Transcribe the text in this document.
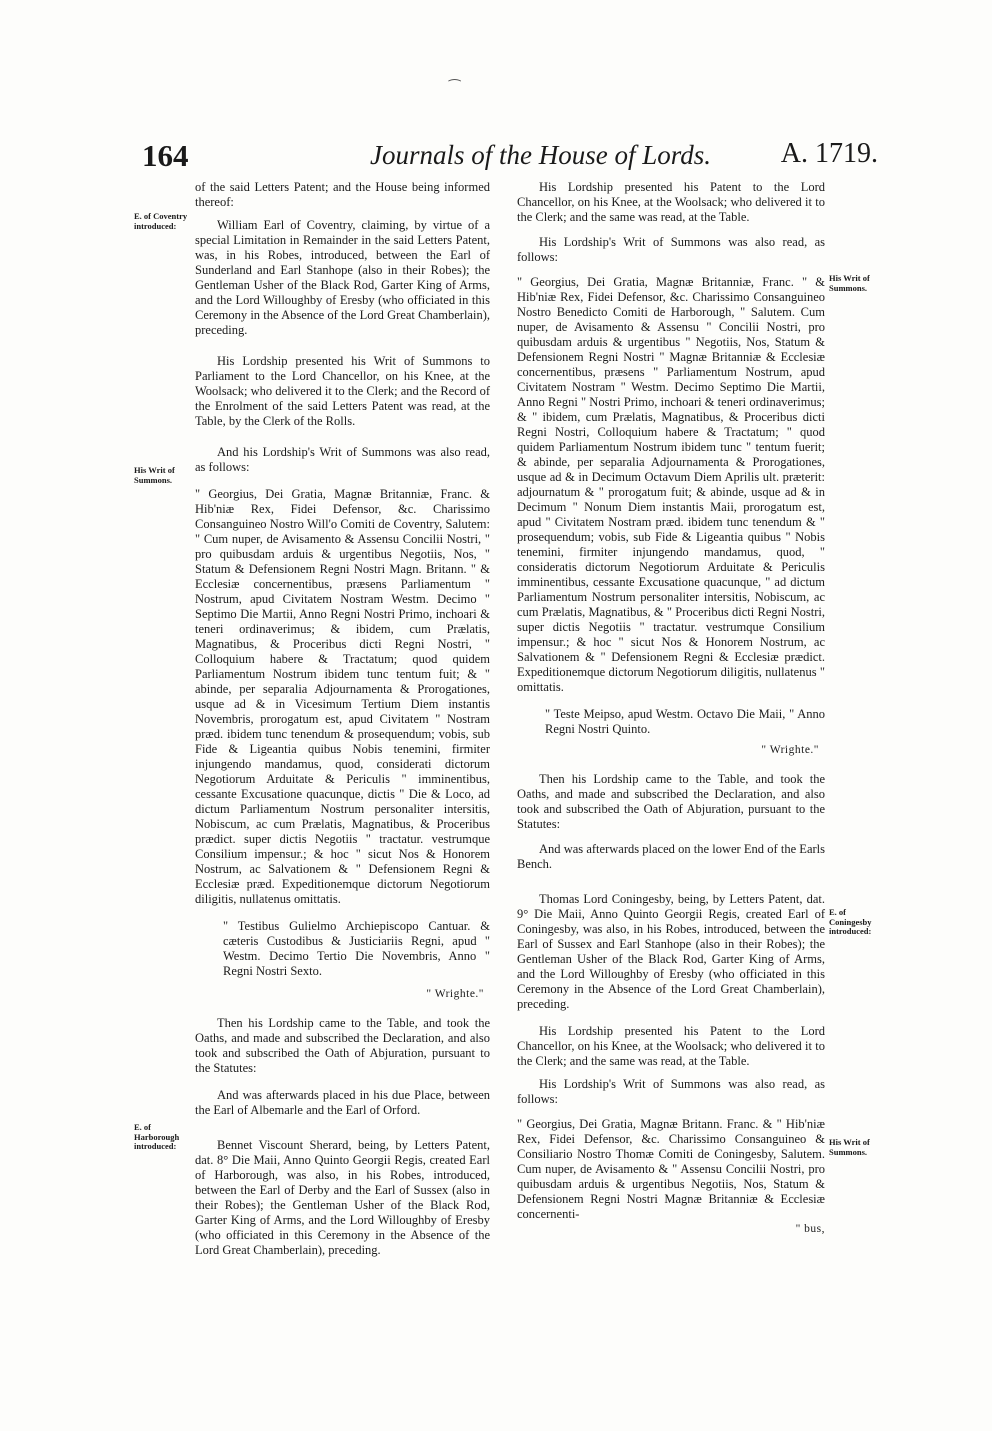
164	Journals of the House of Lords. A. 1719.
⁀

of the said Letters Patent; and the House being informed thereof:

William Earl of Coventry, claiming, by virtue of a special Limitation in Remainder in the said Letters Patent, was, in his Robes, introduced, between the Earl of Sunderland and Earl Stanhope (also in their Robes); the Gentleman Usher of the Black Rod, Garter King of Arms, and the Lord Willoughby of Eresby (who officiated in this Ceremony in the Absence of the Lord Great Chamberlain), preceding.

His Lordship presented his Writ of Summons to Parliament to the Lord Chancellor, on his Knee, at the Woolsack; who delivered it to the Clerk; and the Record of the Enrolment of the said Letters Patent was read, at the Table, by the Clerk of the Rolls.

And his Lordship's Writ of Summons was also read, as follows:

" Georgius, Dei Gratia, Magnæ Britanniæ, Franc. & Hib'niæ Rex, Fidei Defensor, &c. Charissimo Consanguineo Nostro Will'o Comiti de Coventry, Salutem: " Cum nuper, de Avisamento & Assensu Concilii Nostri, " pro quibusdam arduis & urgentibus Negotiis, Nos, " Statum & Defensionem Regni Nostri Magn. Britann. " & Ecclesiæ concernentibus, præsens Parliamentum " Nostrum, apud Civitatem Nostram Westm. Decimo " Septimo Die Martii, Anno Regni Nostri Primo, inchoari & teneri ordinaverimus; & ibidem, cum Prælatis, Magnatibus, & Proceribus dicti Regni Nostri, " Colloquium habere & Tractatum; quod quidem Parliamentum Nostrum ibidem tunc tentum fuit; & " abinde, per separalia Adjournamenta & Prorogationes, usque ad & in Vicesimum Tertium Diem instantis Novembris, prorogatum est, apud Civitatem " Nostram præd. ibidem tunc tenendum & prosequendum; vobis, sub Fide & Ligeantia quibus Nobis tenemini, firmiter injungendo mandamus, quod, considerati dictorum Negotiorum Arduitate & Periculis " imminentibus, cessante Excusatione quacunque, dictis " Die & Loco, ad dictum Parliamentum Nostrum personaliter intersitis, Nobiscum, ac cum Prælatis, Magnatibus, & Proceribus prædict. super dictis Negotiis " tractatur. vestrumque Consilium impensur.; & hoc " sicut Nos & Honorem Nostrum, ac Salvationem & " Defensionem Regni & Ecclesiæ præd. Expeditionemque dictorum Negotiorum diligitis, nullatenus omittatis.

" Testibus Gulielmo Archiepiscopo Cantuar. & cæteris Custodibus & Justiciariis Regni, apud " Westm. Decimo Tertio Die Novembris, Anno " Regni Nostri Sexto.

" Wrighte."

Then his Lordship came to the Table, and took the Oaths, and made and subscribed the Declaration, and also took and subscribed the Oath of Abjuration, pursuant to the Statutes:

And was afterwards placed in his due Place, between the Earl of Albemarle and the Earl of Orford.

Bennet Viscount Sherard, being, by Letters Patent, dat. 8° Die Maii, Anno Quinto Georgii Regis, created Earl of Harborough, was also, in his Robes, introduced, between the Earl of Derby and the Earl of Sussex (also in their Robes); the Gentleman Usher of the Black Rod, Garter King of Arms, and the Lord Willoughby of Eresby (who officiated in this Ceremony in the Absence of the Lord Great Chamberlain), preceding.

His Lordship presented his Patent to the Lord Chancellor, on his Knee, at the Woolsack; who delivered it to the Clerk; and the same was read, at the Table.

His Lordship's Writ of Summons was also read, as follows:

" Georgius, Dei Gratia, Magnæ Britanniæ, Franc. " & Hib'niæ Rex, Fidei Defensor, &c. Charissimo Consanguineo Nostro Benedicto Comiti de Harborough, " Salutem. Cum nuper, de Avisamento & Assensu " Concilii Nostri, pro quibusdam arduis & urgentibus " Negotiis, Nos, Statum & Defensionem Regni Nostri " Magnæ Britanniæ & Ecclesiæ concernentibus, præsens " Parliamentum Nostrum, apud Civitatem Nostram " Westm. Decimo Septimo Die Martii, Anno Regni " Nostri Primo, inchoari & teneri ordinaverimus; & " ibidem, cum Prælatis, Magnatibus, & Proceribus dicti Regni Nostri, Colloquium habere & Tractatum; " quod quidem Parliamentum Nostrum ibidem tunc " tentum fuerit; & abinde, per separalia Adjournamenta & Prorogationes, usque ad & in Decimum Octavum Diem Aprilis ult. præterit: adjournatum & " prorogatum fuit; & abinde, usque ad & in Decimum " Nonum Diem instantis Maii, prorogatum est, apud " Civitatem Nostram præd. ibidem tunc tenendum & " prosequendum; vobis, sub Fide & Ligeantia quibus " Nobis tenemini, firmiter injungendo mandamus, quod, " consideratis dictorum Negotiorum Arduitate & Periculis imminentibus, cessante Excusatione quacunque, " ad dictum Parliamentum Nostrum personaliter intersitis, Nobiscum, ac cum Prælatis, Magnatibus, & " Proceribus dicti Regni Nostri, super dictis Negotiis " tractatur. vestrumque Consilium impensur.; & hoc " sicut Nos & Honorem Nostrum, ac Salvationem & " Defensionem Regni & Ecclesiæ prædict. Expeditionemque dictorum Negotiorum diligitis, nullatenus " omittatis.

" Teste Meipso, apud Westm. Octavo Die Maii, " Anno Regni Nostri Quinto.

" Wrighte."

Then his Lordship came to the Table, and took the Oaths, and made and subscribed the Declaration, and also took and subscribed the Oath of Abjuration, pursuant to the Statutes:

And was afterwards placed on the lower End of the Earls Bench.

Thomas Lord Coningesby, being, by Letters Patent, dat. 9° Die Maii, Anno Quinto Georgii Regis, created Earl of Coningesby, was also, in his Robes, introduced, between the Earl of Sussex and Earl Stanhope (also in their Robes); the Gentleman Usher of the Black Rod, Garter King of Arms, and the Lord Willoughby of Eresby (who officiated in this Ceremony in the Absence of the Lord Great Chamberlain), preceding.

His Lordship presented his Patent to the Lord Chancellor, on his Knee, at the Woolsack; who delivered it to the Clerk; and the same was read, at the Table.

His Lordship's Writ of Summons was also read, as follows:

" Georgius, Dei Gratia, Magnæ Britann. Franc. & " Hib'niæ Rex, Fidei Defensor, &c. Charissimo Consanguineo & Consiliario Nostro Thomæ Comiti de Coningesby, Salutem. Cum nuper, de Avisamento & " Assensu Concilii Nostri, pro quibusdam arduis & urgentibus Negotiis, Nos, Statum & Defensionem Regni Nostri Magnæ Britanniæ & Ecclesiæ concernenti-

" bus,

E. of Coventry introduced:
His Writ of Summons.
E. of Harborough introduced:
His Writ of Summons.
E. of Coningesby introduced:
His Writ of Summons.
